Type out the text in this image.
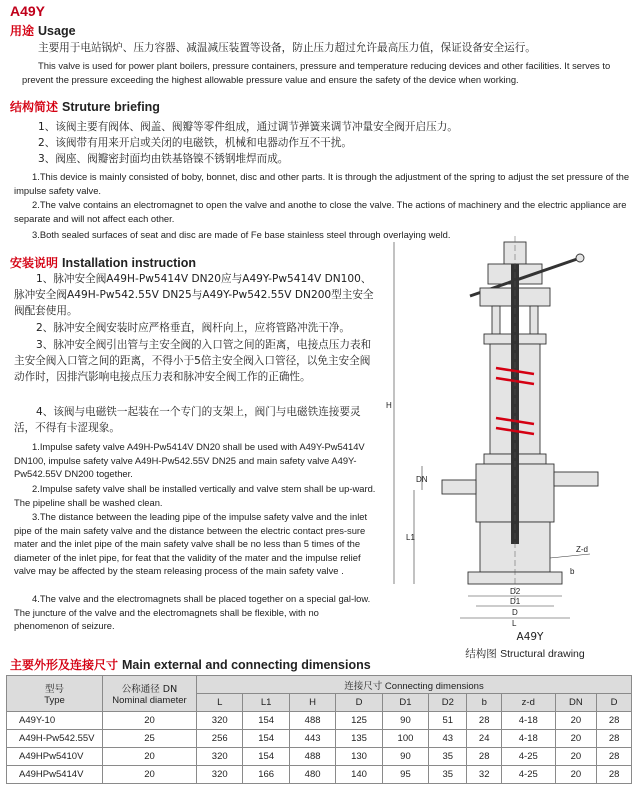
A49Y
用途 Usage
主要用于电站锅炉、压力容器、减温减压装置等设备，防止压力超过允许最高压力值，保证设备安全运行。
This valve is used for power plant boilers, pressure containers, pressure and temperature reducing devices and other facilities. It serves to prevent the pressure exceeding the highest allowable pressure value and ensure the safety of the device when working.
结构简述 Struture briefing
1、该阀主要有阀体、阀盖、阀瓣等零件组成，通过调节弹簧来调节冲量安全阀开启压力。
2、该阀带有用来开启或关闭的电磁铁，机械和电器动作互不干扰。
3、阀座、阀瓣密封面均由铁基铬镍不锈钢堆焊而成。
1.This device is mainly consisted of boby, bonnet, disc and other parts. It is through the adjustment of the spring to adjust the set pressure of the impulse safety valve.
2.The valve contains an electromagnet to open the valve and anothe to close the valve. The actions of machinery and the electric appliance are separate and will not affect each other.
3.Both sealed surfaces of seat and disc are made of Fe base stainless steel through overlaying weld.
安装说明 Installation instruction
1、脉冲安全阀A49H-Pw5414V DN20应与A49Y-Pw5414V DN100、脉冲安全阀A49H-Pw542.55V DN25与A49Y-Pw542.55V DN200型主安全阀配套使用。
2、脉冲安全阀安装时应严格垂直，阀杆向上，应将管路冲洗干净。
3、脉冲安全阀引出管与主安全阀的入口管之间的距离，电接点压力表和主安全阀入口管之间的距离，不得小于5倍主安全阀入口管径，以免主安全阀动作时，因排汽影响电接点压力表和脉冲安全阀工作的正确性。
4、该阀与电磁铁一起装在一个专门的支架上，阀门与电磁铁连接要灵活，不得有卡涩现象。
1.Impulse safety valve A49H-Pw5414V DN20 shall be used with A49Y-Pw5414V DN100, impulse safety valve A49H-Pw542.55V DN25 and main safety valve A49Y-Pw542.55V DN200 together.
2.Impulse safety valve shall be installed vertically and valve stem shall be up-ward. The pipeline shall be washed clean.
3.The distance between the leading pipe of the impulse safety valve and the inlet pipe of the main safety valve and the distance between the electric contact pres-sure mater and the inlet pipe of the main safety valve shall be no less than 5 times of the diameter of the inlet pipe, for feat that the validity of the mater and the impulse relief valve may be affected by the steam releasing process of the main safety valve .
4.The valve and the electromagnets shall be placed together on a special gal-low. The juncture of the valve and the electromagnets shall be flexible, with no phenomenon of seizure.
H
L1
DN
D2
D1
D
L
Z-d
b
A49Y
结构图 Structural drawing
主要外形及连接尺寸 Main external and connecting dimensions
型号
Type	公称通径 DN
Nominal diameter	连接尺寸 Connecting dimensions									
		L	L1	H	D	D1	D2	b	z-d	DN	D
A49Y-10	20	320	154	488	125	90	51	28	4-18	20	28
A49H-Pw542.55V	25	256	154	443	135	100	43	24	4-18	20	28
A49HPw5410V	20	320	154	488	130	90	35	28	4-25	20	28
A49HPw5414V	20	320	166	480	140	95	35	32	4-25	20	28
